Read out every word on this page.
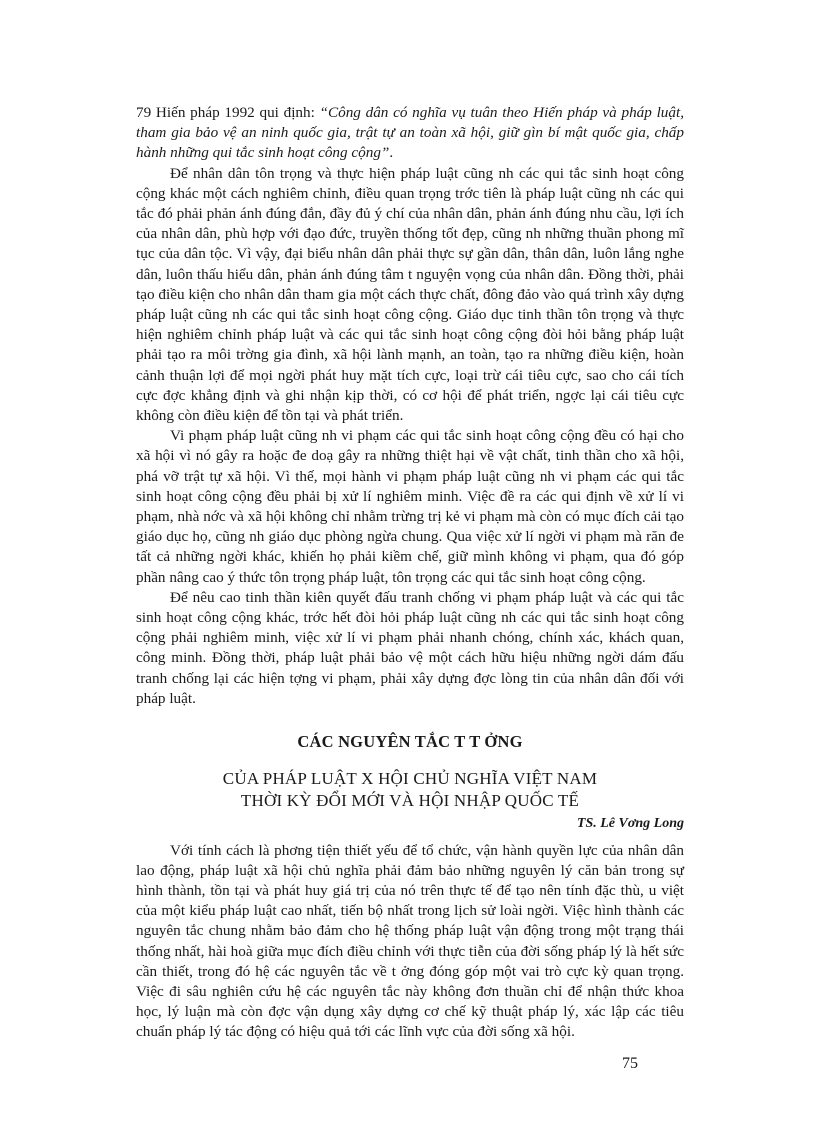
79 Hiến pháp 1992 qui định: “Công dân có nghĩa vụ tuân theo Hiến pháp và pháp luật, tham gia bảo vệ an ninh quốc gia, trật tự an toàn xã hội, giữ gìn bí mật quốc gia, chấp hành những qui tắc sinh hoạt công cộng”.

Để nhân dân tôn trọng và thực hiện pháp luật cũng nh các qui tắc sinh hoạt công cộng khác một cách nghiêm chỉnh, điều quan trọng trớc tiên là pháp luật cũng nh các qui tắc đó phải phản ánh đúng đắn, đầy đủ ý chí của nhân dân, phản ánh đúng nhu cầu, lợi ích của nhân dân, phù hợp với đạo đức, truyền thống tốt đẹp, cũng nh những thuần phong mĩ tục của dân tộc. Vì vậy, đại biểu nhân dân phải thực sự gần dân, thân dân, luôn lắng nghe dân, luôn thấu hiểu dân, phản ánh đúng tâm t nguyện vọng của nhân dân. Đồng thời, phải tạo điều kiện cho nhân dân tham gia một cách thực chất, đông đảo vào quá trình xây dựng pháp luật cũng nh các qui tắc sinh hoạt công cộng. Giáo dục tinh thần tôn trọng và thực hiện nghiêm chỉnh pháp luật và các qui tắc sinh hoạt công cộng đòi hỏi bằng pháp luật phải tạo ra môi trờng gia đình, xã hội lành mạnh, an toàn, tạo ra những điều kiện, hoàn cảnh thuận lợi để mọi ngời phát huy mặt tích cực, loại trừ cái tiêu cực, sao cho cái tích cực đợc khẳng định và ghi nhận kịp thời, có cơ hội để phát triển, ngợc lại cái tiêu cực không còn điều kiện để tồn tại và phát triển.

Vi phạm pháp luật cũng nh vi phạm các qui tắc sinh hoạt công cộng đều có hại cho xã hội vì nó gây ra hoặc đe doạ gây ra những thiệt hại về vật chất, tinh thần cho xã hội, phá vỡ trật tự xã hội. Vì thế, mọi hành vi phạm pháp luật cũng nh vi phạm các qui tắc sinh hoạt công cộng đều phải bị xử lí nghiêm minh. Việc đề ra các qui định về xử lí vi phạm, nhà nớc và xã hội không chỉ nhằm trừng trị kẻ vi phạm mà còn có mục đích cải tạo giáo dục họ, cũng nh giáo dục phòng ngừa chung. Qua việc xử lí ngời vi phạm mà răn đe tất cả những ngời khác, khiến họ phải kiềm chế, giữ mình không vi phạm, qua đó góp phần nâng cao ý thức tôn trọng pháp luật, tôn trọng các qui tắc sinh hoạt công cộng.

Để nêu cao tinh thần kiên quyết đấu tranh chống vi phạm pháp luật và các qui tắc sinh hoạt công cộng khác, trớc hết đòi hỏi pháp luật cũng nh các qui tắc sinh hoạt công cộng phải nghiêm minh, việc xử lí vi phạm phải nhanh chóng, chính xác, khách quan, công minh. Đồng thời, pháp luật phải bảo vệ một cách hữu hiệu những ngời dám đấu tranh chống lại các hiện tợng vi phạm, phải xây dựng đợc lòng tin của nhân dân đối với pháp luật.

CÁC NGUYÊN TẮC T T ỞNG
CỦA PHÁP LUẬT X HỘI CHỦ NGHĨA VIỆT NAM
THỜI KỲ ĐỔI MỚI VÀ HỘI NHẬP QUỐC TẾ
TS. Lê Vơng Long

Với tính cách là phơng tiện thiết yếu để tổ chức, vận hành quyền lực của nhân dân lao động, pháp luật xã hội chủ nghĩa phải đảm bảo những nguyên lý căn bản trong sự hình thành, tồn tại và phát huy giá trị của nó trên thực tế để tạo nên tính đặc thù, u việt của một kiểu pháp luật cao nhất, tiến bộ nhất trong lịch sử loài ngời. Việc hình thành các nguyên tắc chung nhằm bảo đảm cho hệ thống pháp luật vận động trong một trạng thái thống nhất, hài hoà giữa mục đích điều chỉnh với thực tiễn của đời sống pháp lý là hết sức cần thiết, trong đó hệ các nguyên tắc về t ởng đóng góp một vai trò cực kỳ quan trọng. Việc đi sâu nghiên cứu hệ các nguyên tắc này không đơn thuần chỉ để nhận thức khoa học, lý luận mà còn đợc vận dụng xây dựng cơ chế kỹ thuật pháp lý, xác lập các tiêu chuẩn pháp lý tác động có hiệu quả tới các lĩnh vực của đời sống xã hội.

75
